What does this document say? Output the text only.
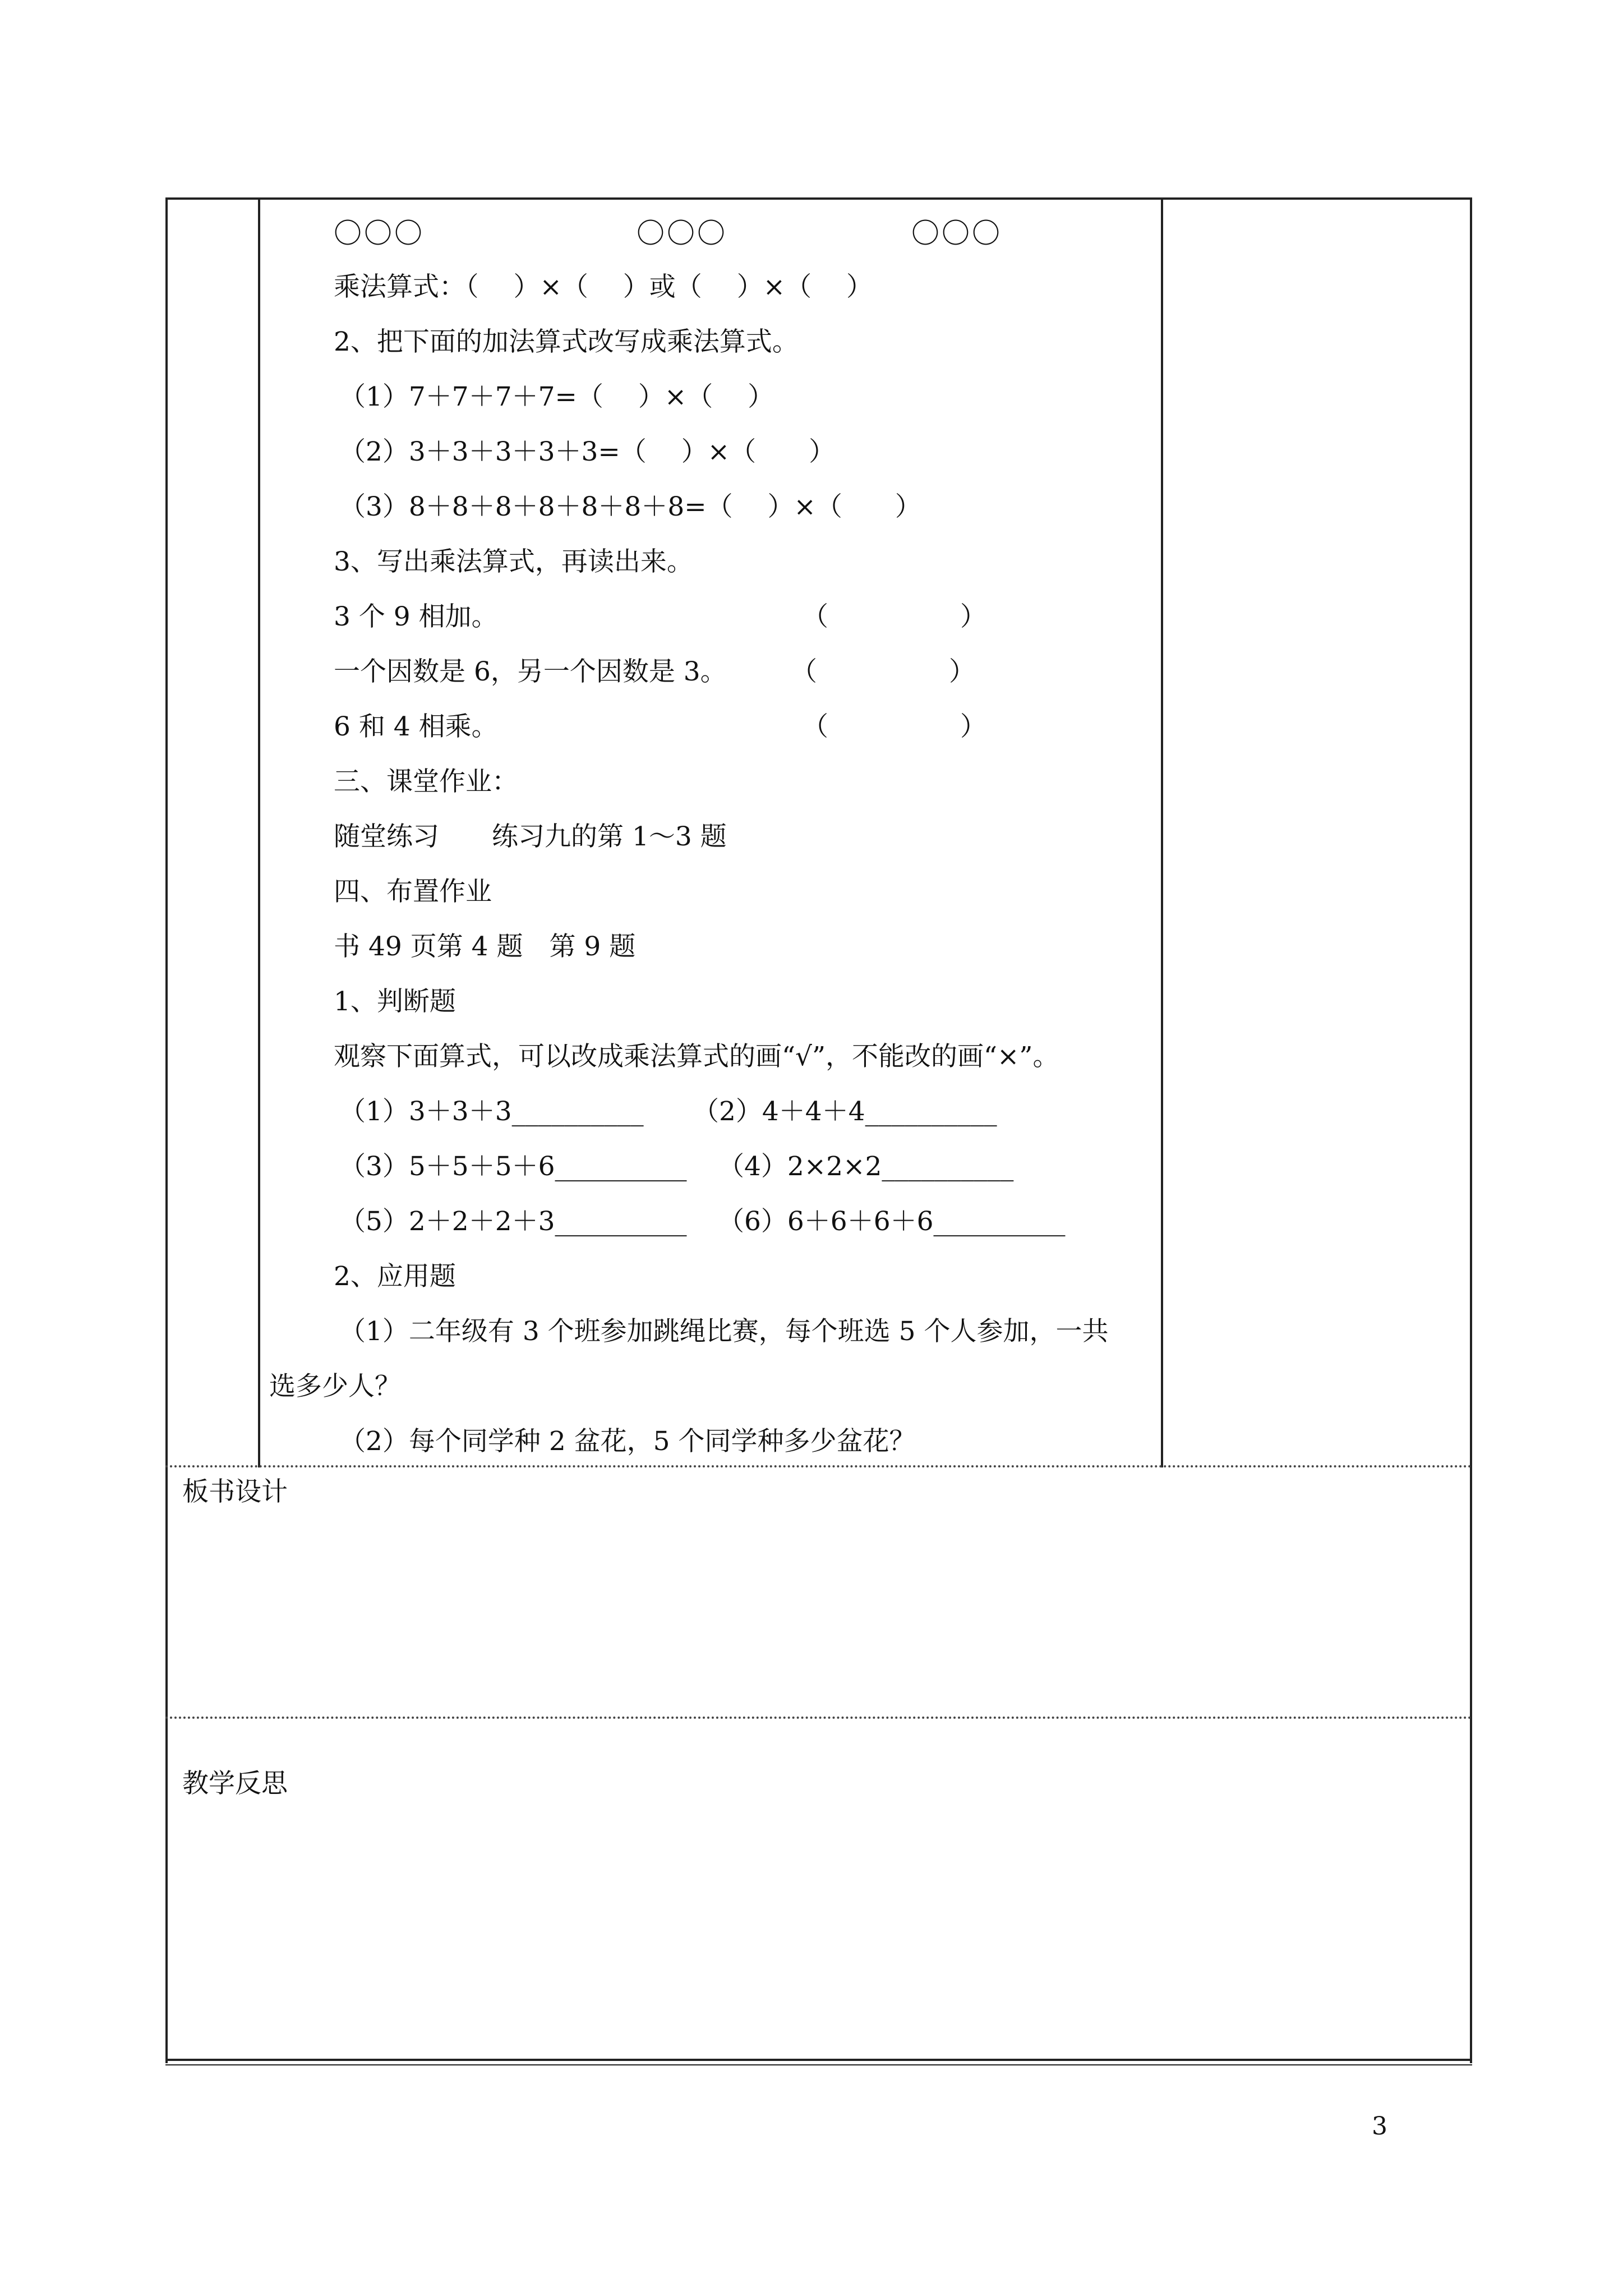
〇〇〇	〇〇〇	〇〇〇
乘法算式：（　 ）×（　 ）或（　 ）×（　 ）
2、把下面的加法算式改写成乘法算式。
（1）7＋7＋7＋7=（　 ）×（　 ）
（2）3＋3＋3＋3＋3=（　 ）×（　　）
（3）8＋8＋8＋8＋8＋8＋8=（　 ）×（　　）
3、写出乘法算式，再读出来。
3 个 9 相加。	（　　　　　）
一个因数是 6，另一个因数是 3。 （　　　　　）
6 和 4 相乘。	（　　　　　）
三、课堂作业：
随堂练习　　练习九的第 1～3 题
四、布置作业
书 49 页第 4 题　第 9 题
1、判断题
观察下面算式，可以改成乘法算式的画“√”，不能改的画“×”。
（1）3＋3＋3__________ （2）4＋4＋4__________
（3）5＋5＋5＋6__________ （4）2×2×2__________
（5）2＋2＋2＋3__________ （6）6＋6＋6＋6__________
2、应用题
（1）二年级有 3 个班参加跳绳比赛，每个班选 5 个人参加，一共
选多少人？
（2）每个同学种 2 盆花，5 个同学种多少盆花？
板书设计
教学反思
3
